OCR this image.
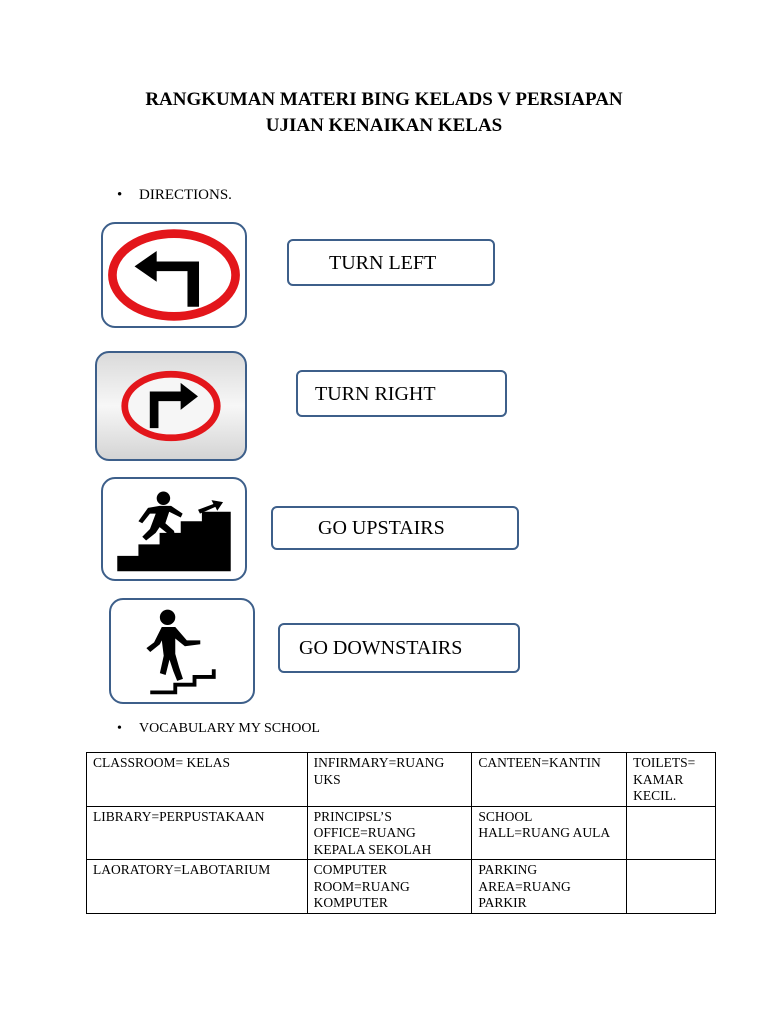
RANGKUMAN MATERI BING KELADS V PERSIAPAN
UJIAN KENAIKAN KELAS
• DIRECTIONS.
TURN LEFT
TURN RIGHT
GO UPSTAIRS
GO DOWNSTAIRS
• VOCABULARY MY SCHOOL
CLASSROOM= KELAS	INFIRMARY=RUANG UKS	CANTEEN=KANTIN	TOILETS= KAMAR KECIL.
LIBRARY=PERPUSTAKAAN	PRINCIPSL’S OFFICE=RUANG KEPALA SEKOLAH	SCHOOL HALL=RUANG AULA	
LAORATORY=LABOTARIUM	COMPUTER ROOM=RUANG KOMPUTER	PARKING AREA=RUANG PARKIR	
